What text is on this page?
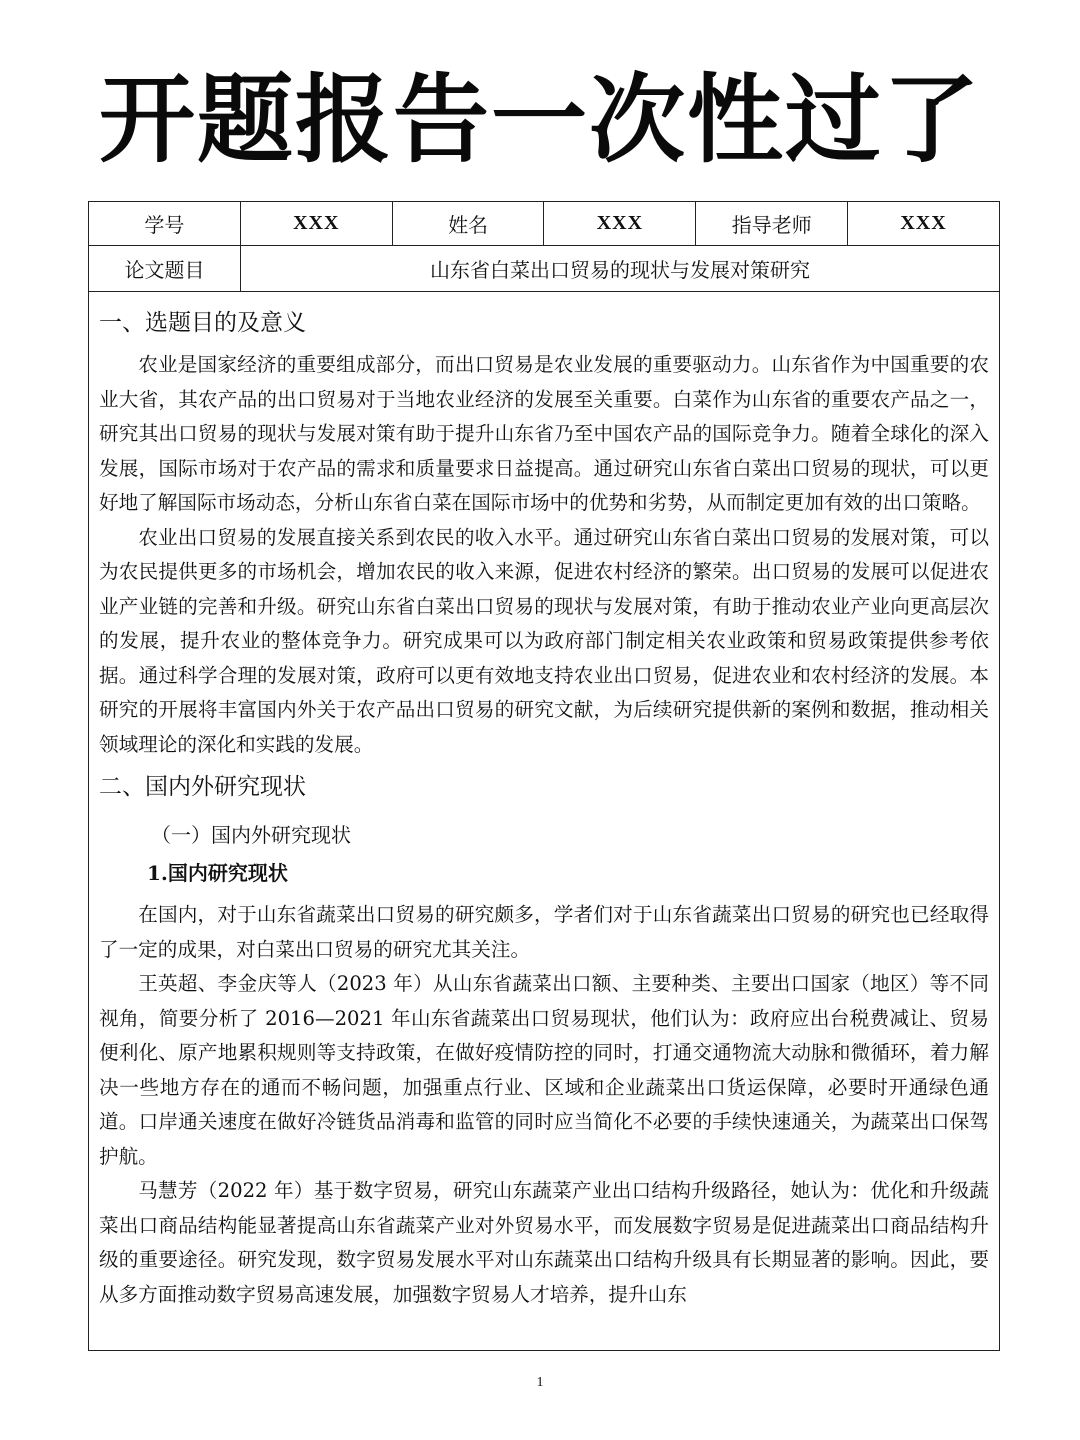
开题报告一次性过了
学号	XXX	姓名	XXX	指导老师	XXX
论文题目	山东省白菜出口贸易的现状与发展对策研究
一、选题目的及意义

农业是国家经济的重要组成部分，而出口贸易是农业发展的重要驱动力。山东省作为中国重要的农业大省，其农产品的出口贸易对于当地农业经济的发展至关重要。白菜作为山东省的重要农产品之一，研究其出口贸易的现状与发展对策有助于提升山东省乃至中国农产品的国际竞争力。随着全球化的深入发展，国际市场对于农产品的需求和质量要求日益提高。通过研究山东省白菜出口贸易的现状，可以更好地了解国际市场动态，分析山东省白菜在国际市场中的优势和劣势，从而制定更加有效的出口策略。

农业出口贸易的发展直接关系到农民的收入水平。通过研究山东省白菜出口贸易的发展对策，可以为农民提供更多的市场机会，增加农民的收入来源，促进农村经济的繁荣。出口贸易的发展可以促进农业产业链的完善和升级。研究山东省白菜出口贸易的现状与发展对策，有助于推动农业产业向更高层次的发展，提升农业的整体竞争力。研究成果可以为政府部门制定相关农业政策和贸易政策提供参考依据。通过科学合理的发展对策，政府可以更有效地支持农业出口贸易，促进农业和农村经济的发展。本研究的开展将丰富国内外关于农产品出口贸易的研究文献，为后续研究提供新的案例和数据，推动相关领域理论的深化和实践的发展。

二、国内外研究现状
（一）国内外研究现状
1.国内研究现状

在国内，对于山东省蔬菜出口贸易的研究颇多，学者们对于山东省蔬菜出口贸易的研究也已经取得了一定的成果，对白菜出口贸易的研究尤其关注。

王英超、李金庆等人（2023 年）从山东省蔬菜出口额、主要种类、主要出口国家（地区）等不同视角，简要分析了 2016—2021 年山东省蔬菜出口贸易现状，他们认为：政府应出台税费减让、贸易便利化、原产地累积规则等支持政策，在做好疫情防控的同时，打通交通物流大动脉和微循环，着力解决一些地方存在的通而不畅问题，加强重点行业、区域和企业蔬菜出口货运保障，必要时开通绿色通道。口岸通关速度在做好冷链货品消毒和监管的同时应当简化不必要的手续快速通关，为蔬菜出口保驾护航。

马慧芳（2022 年）基于数字贸易，研究山东蔬菜产业出口结构升级路径，她认为：优化和升级蔬菜出口商品结构能显著提高山东省蔬菜产业对外贸易水平，而发展数字贸易是促进蔬菜出口商品结构升级的重要途径。研究发现，数字贸易发展水平对山东蔬菜出口结构升级具有长期显著的影响。因此，要从多方面推动数字贸易高速发展，加强数字贸易人才培养，提升山东

1
